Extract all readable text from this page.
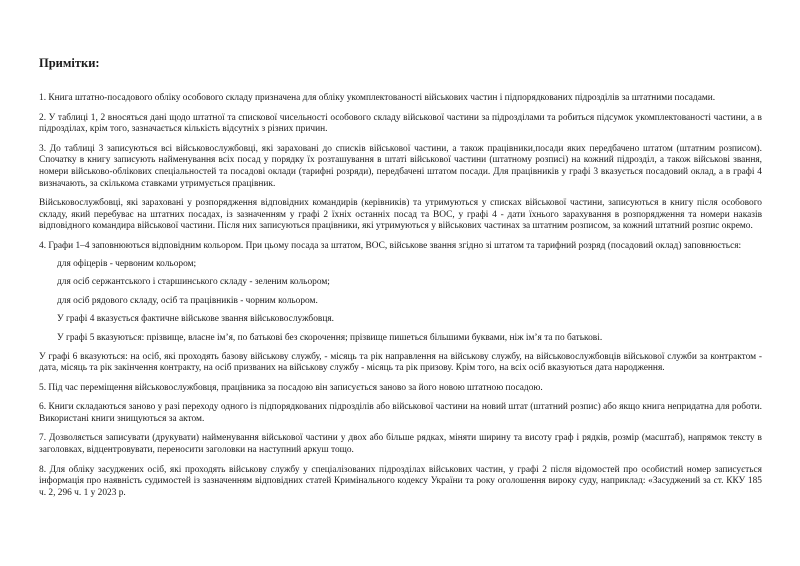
Примітки:

1. Книга штатно-посадового обліку особового складу призначена для обліку укомплектованості військових частин і підпорядкованих підрозділів за штатними посадами.

2. У таблиці 1, 2 вносяться дані щодо штатної та спискової чисельності особового складу військової частини за підрозділами та робиться підсумок укомплектованості частини, а в підрозділах, крім того, зазначається кількість відсутніх з різних причин.

3. До таблиці 3 записуються всі військовослужбовці, які зараховані до списків військової частини, а також працівники,посади яких передбачено штатом (штатним розписом). Спочатку в книгу записують найменування всіх посад у порядку їх розташування в штаті військової частини (штатному розписі) на кожний підрозділ, а також військові звання, номери військово-облікових спеціальностей та посадові оклади (тарифні розряди), передбачені штатом посади. Для працівників у графі 3 вказується посадовий оклад, а в графі 4 визначають, за скількома ставками утримується працівник.

Військовослужбовці, які зараховані у розпорядження відповідних командирів (керівників) та утримуються у списках військової частини, записуються в книгу після особового складу, який перебуває на штатних посадах, із зазначенням у графі 2 їхніх останніх посад та ВОС, у графі 4 - дати їхнього зарахування в розпорядження та номери наказів відповідного командира військової частини. Після них записуються працівники, які утримуються у військових частинах за штатним розписом, за кожний штатний розпис окремо.

4. Графи 1–4 заповнюються відповідним кольором. При цьому посада за штатом, ВОС, військове звання згідно зі штатом та тарифний розряд (посадовий оклад) заповнюється:

для офіцерів - червоним кольором;

для осіб сержантського і старшинського складу - зеленим кольором;

для осіб рядового складу, осіб та працівників - чорним кольором.

У графі 4 вказується фактичне військове звання військовослужбовця.

У графі 5 вказуються: прізвище, власне ім’я, по батькові без скорочення; прізвище пишеться більшими буквами, ніж ім’я та по батькові.

У графі 6 вказуються: на осіб, які проходять базову військову службу, - місяць та рік направлення на військову службу, на військовослужбовців військової служби за контрактом - дата, місяць та рік закінчення контракту, на осіб призвaних на військову службу - місяць та рік призову. Крім того, на всіх осіб вказуються дата народження.

5. Під час переміщення військовослужбовця, працівника за посадою він записується заново за його новою штатною посадою.

6. Книги складаються заново у разі переходу одного із підпорядкованих підрозділів або військової частини на новий штат (штатний розпис) або якщо книга непридатна для роботи. Використані книги знищуються за актом.

7. Дозволяється записувати (друкувати) найменування військової частини у двох або більше рядках, міняти ширину та висоту граф і рядків, розмір (масштаб), напрямок тексту в заголовках, відцентровувати, переносити заголовки на наступний аркуш тощо.

8. Для обліку засуджених осіб, які проходять військову службу у спеціалізованих підрозділах військових частин, у графі 2 після відомостей про особистий номер записується інформація про наявність судимостей із зазначенням відповідних статей Кримінального кодексу України та року оголошення вироку суду, наприклад: «Засуджений за ст. ККУ 185 ч. 2, 296 ч. 1 у 2023 р.
